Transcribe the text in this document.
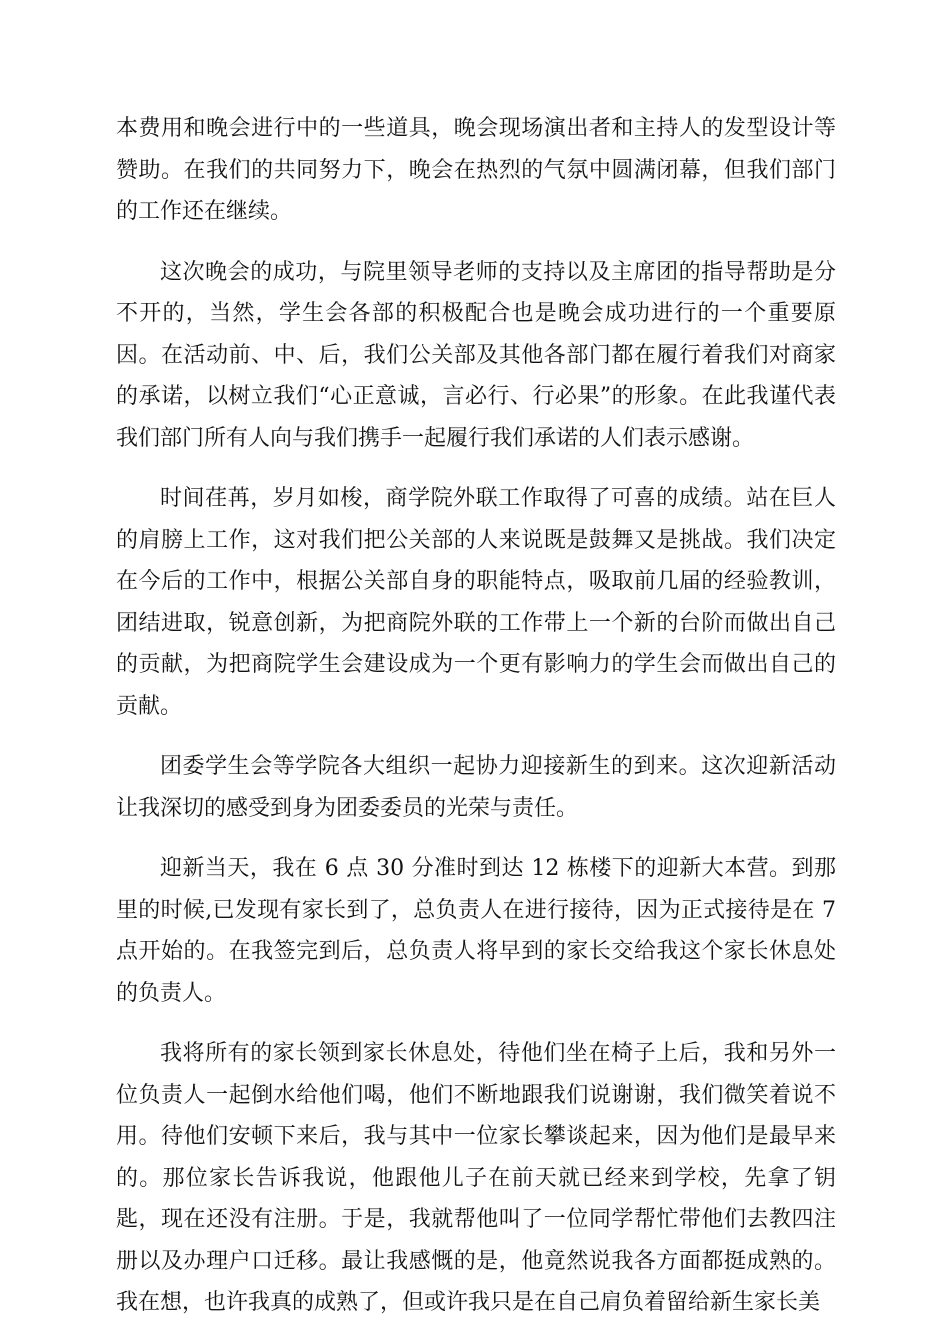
本费用和晚会进行中的一些道具，晚会现场演出者和主持人的发型设计等赞助。在我们的共同努力下，晚会在热烈的气氛中圆满闭幕，但我们部门的工作还在继续。

这次晚会的成功，与院里领导老师的支持以及主席团的指导帮助是分不开的，当然，学生会各部的积极配合也是晚会成功进行的一个重要原因。在活动前、中、后，我们公关部及其他各部门都在履行着我们对商家的承诺，以树立我们“心正意诚，言必行、行必果”的形象。在此我谨代表我们部门所有人向与我们携手一起履行我们承诺的人们表示感谢。

时间荏苒，岁月如梭，商学院外联工作取得了可喜的成绩。站在巨人的肩膀上工作，这对我们把公关部的人来说既是鼓舞又是挑战。我们决定在今后的工作中，根据公关部自身的职能特点，吸取前几届的经验教训，团结进取，锐意创新，为把商院外联的工作带上一个新的台阶而做出自己的贡献，为把商院学生会建设成为一个更有影响力的学生会而做出自己的贡献。

团委学生会等学院各大组织一起协力迎接新生的到来。这次迎新活动让我深切的感受到身为团委委员的光荣与责任。

迎新当天，我在 6 点 30 分准时到达 12 栋楼下的迎新大本营。到那里的时候,已发现有家长到了，总负责人在进行接待，因为正式接待是在 7 点开始的。在我签完到后，总负责人将早到的家长交给我这个家长休息处的负责人。

我将所有的家长领到家长休息处，待他们坐在椅子上后，我和另外一位负责人一起倒水给他们喝，他们不断地跟我们说谢谢，我们微笑着说不用。待他们安顿下来后，我与其中一位家长攀谈起来，因为他们是最早来的。那位家长告诉我说，他跟他儿子在前天就已经来到学校，先拿了钥匙，现在还没有注册。于是，我就帮他叫了一位同学帮忙带他们去教四注册以及办理户口迁移。最让我感慨的是，他竟然说我各方面都挺成熟的。我在想，也许我真的成熟了，但或许我只是在自己肩负着留给新生家长美
